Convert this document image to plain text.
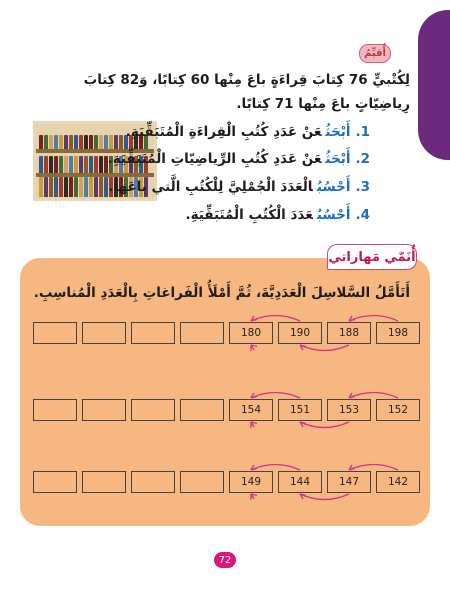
أُقيِّمُ
لِكُتْبيٍّ 76 كِتابَ قِراءَةٍ باعَ مِنْها 60 كِتابًا، وَ82 كِتابَ رِياضِيّاتٍ باعَ مِنْها 71 كِتابًا.
1.أَبْحَثُعَنْ عَدَدِ كُتُبِ الْقِراءَةِ الْمُتَبَقِّيَةِ.
2.أَبْحَثُعَنْ عَدَدِ كُتُبِ الرِّياضِيّاتِ الْمُتَبَقِّيَةِ.
3.أَحْسُبُالْعَدَدَ الْجُمْلِيَّ لِلْكُتُبِ الَّتي باعَها.
4.أَحْسُبُعَدَدَ الْكُتُبِ الْمُتَبَقِّيَةِ.
أُنَمّي مَهاراتي
أَتَأَمَّلُ السَّلاسِلَ الْعَدَدِيَّةَ، ثُمَّ أَمْلَأُ الْفَراغاتِ بِالْعَدَدِ الْمُناسِبِ.
180	190	188	198
154	151	153	152
149	144	147	142
72
